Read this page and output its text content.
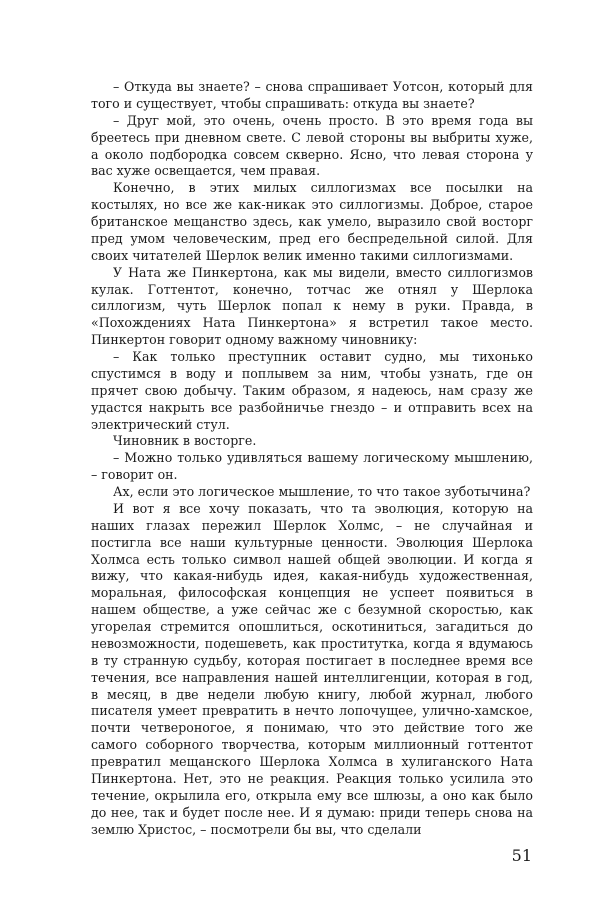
– Откуда вы знаете? – снова спрашивает Уотсон, который для того и существует, чтобы спрашивать: откуда вы знаете?

– Друг мой, это очень, очень просто. В это время года вы бреетесь при дневном свете. С левой стороны вы выбриты хуже, а около подбородка совсем скверно. Ясно, что левая сторона у вас хуже освещается, чем правая.

Конечно, в этих милых силлогизмах все посылки на костылях, но все же как-никак это силлогизмы. Доброе, старое британское мещанство здесь, как умело, выразило свой восторг пред умом человеческим, пред его беспредельной силой. Для своих читателей Шерлок велик именно такими силлогизмами.

У Ната же Пинкертона, как мы видели, вместо силлогизмов кулак. Готтентот, конечно, тотчас же отнял у Шерлока силлогизм, чуть Шерлок попал к нему в руки. Правда, в «Похождениях Ната Пинкертона» я встретил такое место. Пинкертон говорит одному важному чиновнику:

– Как только преступник оставит судно, мы тихонько спустимся в воду и поплывем за ним, чтобы узнать, где он прячет свою добычу. Таким образом, я надеюсь, нам сразу же удастся накрыть все разбойничье гнездо – и отправить всех на электрический стул.

Чиновник в восторге.

– Можно только удивляться вашему логическому мышлению, – говорит он.

Ах, если это логическое мышление, то что такое зуботычина?

И вот я все хочу показать, что та эволюция, которую на наших глазах пережил Шерлок Холмс, – не случайная и постигла все наши культурные ценности. Эволюция Шерлока Холмса есть только символ нашей общей эволюции. И когда я вижу, что какая-нибудь идея, какая-нибудь художественная, моральная, философская концепция не успеет появиться в нашем обществе, а уже сейчас же с безумной скоростью, как угорелая стремится опошлиться, оскотиниться, загадиться до невозможности, подешеветь, как проститутка, когда я вдумаюсь в ту странную судьбу, которая постигает в последнее время все течения, все направления нашей интеллигенции, которая в год, в месяц, в две недели любую книгу, любой журнал, любого писателя умеет превратить в нечто лопочущее, улично-хамское, почти четвероногое, я понимаю, что это действие того же самого соборного творчества, которым миллионный готтентот превратил мещанского Шерлока Холмса в хулиганского Ната Пинкертона. Нет, это не реакция. Реакция только усилила это течение, окрылила его, открыла ему все шлюзы, а оно как было до нее, так и будет после нее. И я думаю: приди теперь снова на землю Христос, – посмотрели бы вы, что сделали

51
